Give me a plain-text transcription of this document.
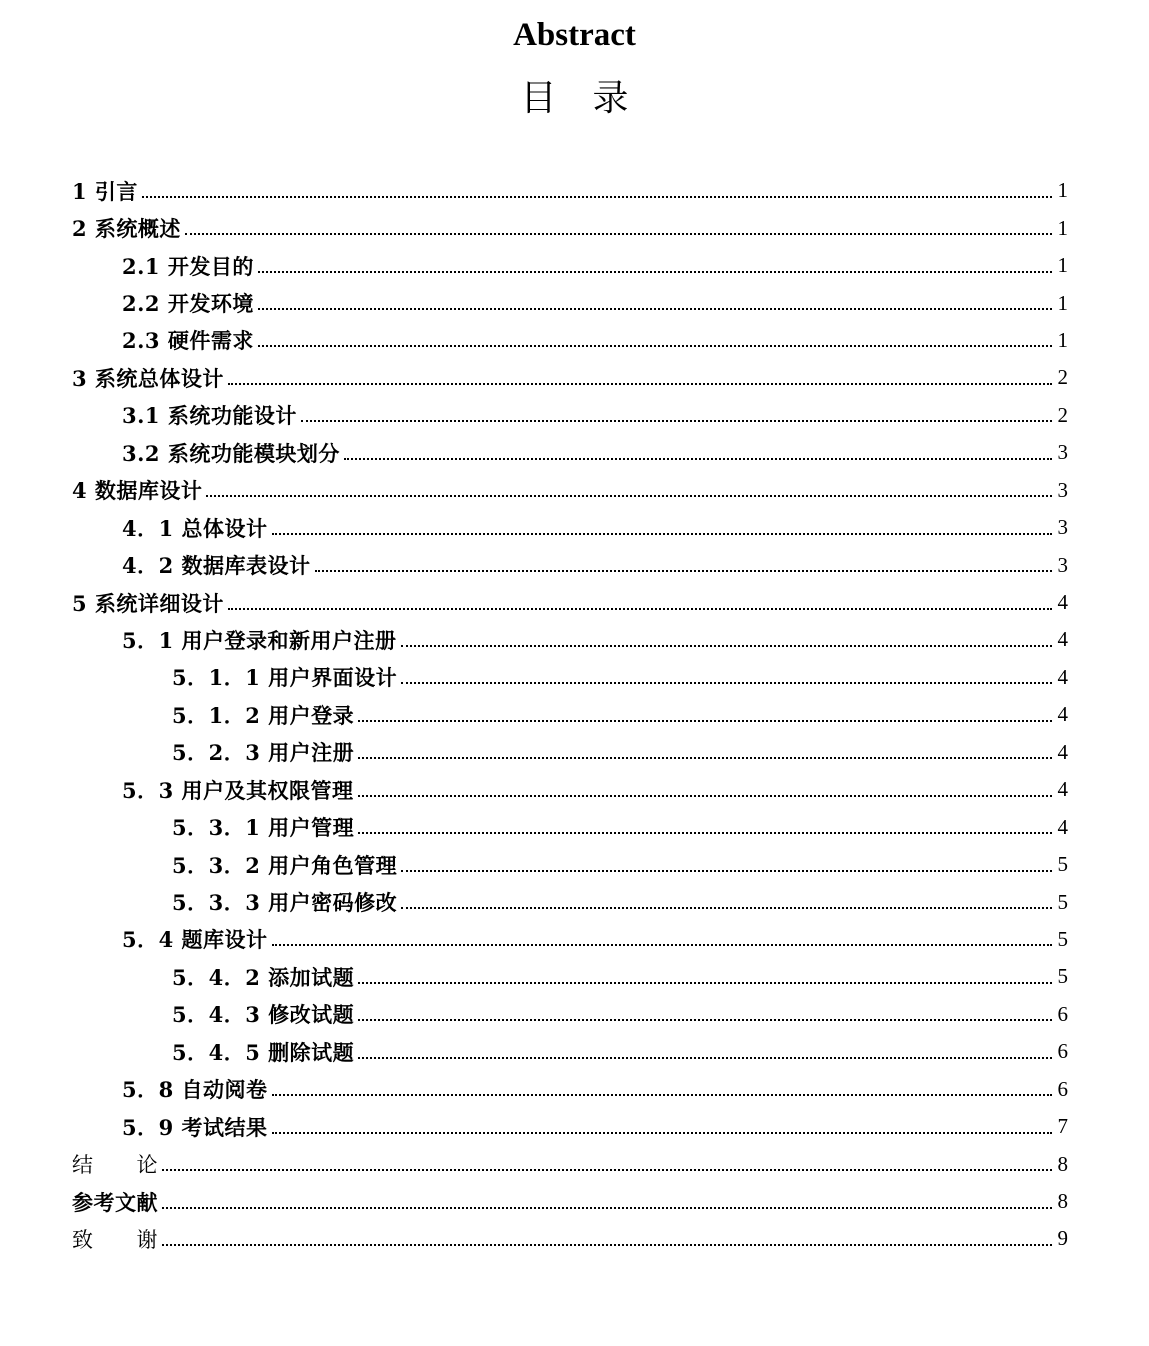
Abstract
目　录
1 引言	1
2 系统概述	1
2.1 开发目的	1
2.2 开发环境	1
2.3 硬件需求	1
3 系统总体设计	2
3.1 系统功能设计	2
3.2 系统功能模块划分	3
4 数据库设计	3
4．1 总体设计	3
4．2 数据库表设计	3
5 系统详细设计	4
5．1 用户登录和新用户注册	4
5．1．1 用户界面设计	4
5．1．2 用户登录	4
5．2．3 用户注册	4
5．3 用户及其权限管理	4
5．3．1 用户管理	4
5．3．2 用户角色管理	5
5．3．3 用户密码修改	5
5．4 题库设计	5
5．4．2 添加试题	5
5．4．3 修改试题	6
5．4．5 删除试题	6
5．8 自动阅卷	6
5．9 考试结果	7
结　　论	8
参考文献	8
致　　谢	9
